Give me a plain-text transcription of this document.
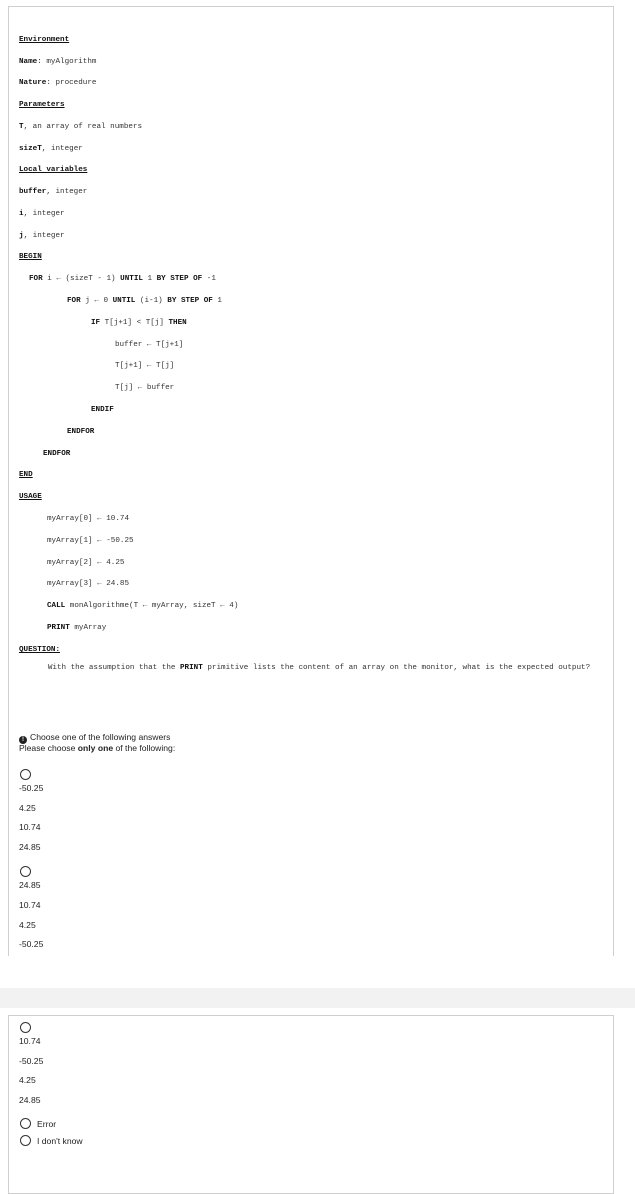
Environment
Name: myAlgorithm
Nature: procedure
Parameters
T, an array of real numbers
sizeT, integer
Local variables
buffer, integer
i, integer
j, integer
BEGIN
FOR i ← (sizeT - 1) UNTIL 1 BY STEP OF -1
FOR j ← 0 UNTIL (i-1) BY STEP OF 1
IF T[j+1] < T[j] THEN
buffer ← T[j+1]
T[j+1] ← T[j]
T[j] ← buffer
ENDIF
ENDFOR
ENDFOR
END
USAGE
myArray[0] ← 10.74
myArray[1] ← -50.25
myArray[2] ← 4.25
myArray[3] ← 24.85
CALL monAlgorithme(T ← myArray, sizeT ← 4)
PRINT myArray
QUESTION:
With the assumption that the PRINT primitive lists the content of an array on the monitor, what is the expected output?
! Choose one of the following answers
Please choose only one of the following:
-50.25
4.25
10.74
24.85
24.85
10.74
4.25
-50.25
10.74
-50.25
4.25
24.85
Error
I don't know
